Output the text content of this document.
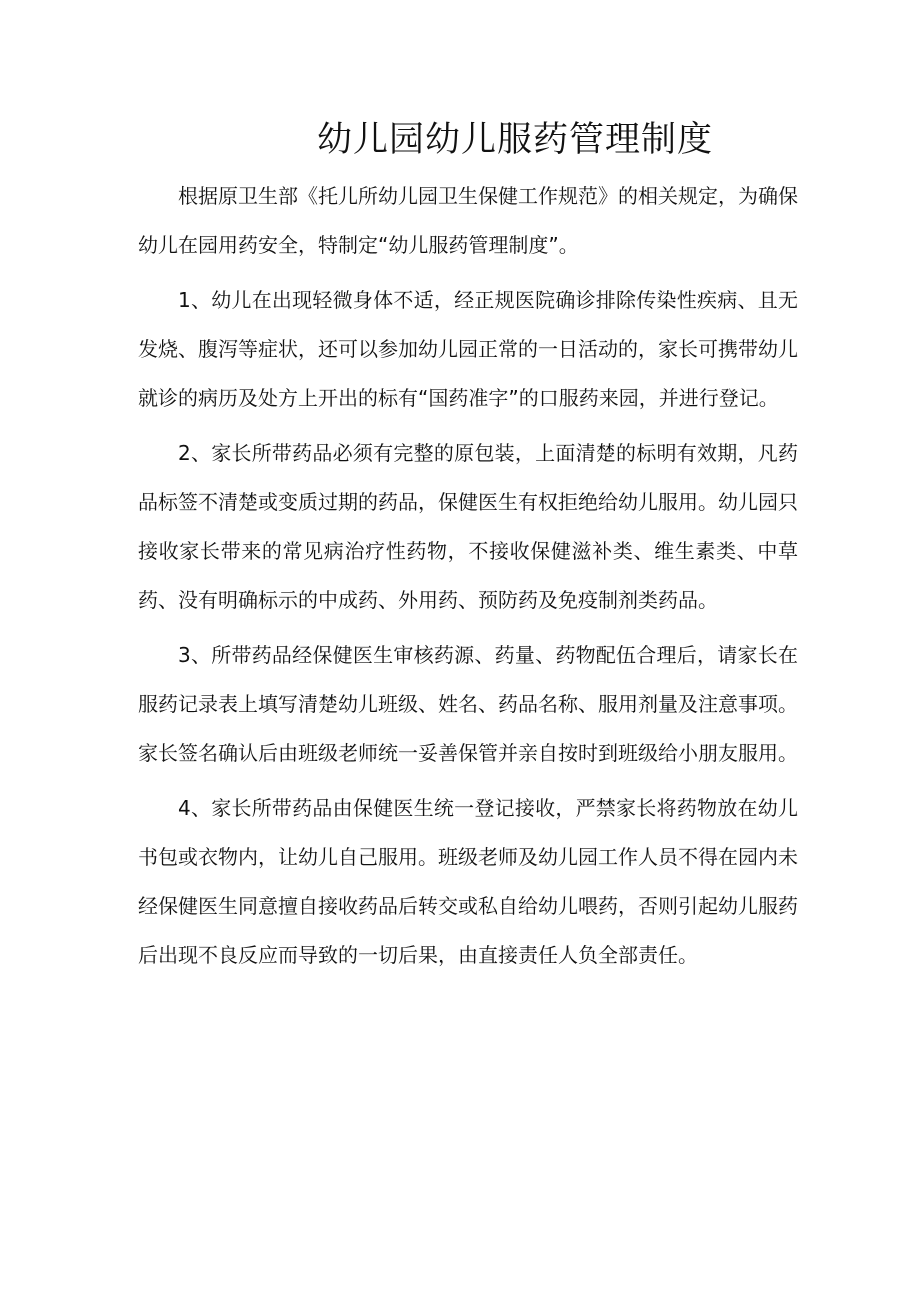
幼儿园幼儿服药管理制度

根据原卫生部《托儿所幼儿园卫生保健工作规范》的相关规定，为确保幼儿在园用药安全，特制定“幼儿服药管理制度”。

1、幼儿在出现轻微身体不适，经正规医院确诊排除传染性疾病、且无发烧、腹泻等症状，还可以参加幼儿园正常的一日活动的，家长可携带幼儿就诊的病历及处方上开出的标有“国药准字”的口服药来园，并进行登记。

2、家长所带药品必须有完整的原包装，上面清楚的标明有效期，凡药品标签不清楚或变质过期的药品，保健医生有权拒绝给幼儿服用。幼儿园只接收家长带来的常见病治疗性药物，不接收保健滋补类、维生素类、中草药、没有明确标示的中成药、外用药、预防药及免疫制剂类药品。

3、所带药品经保健医生审核药源、药量、药物配伍合理后，请家长在服药记录表上填写清楚幼儿班级、姓名、药品名称、服用剂量及注意事项。家长签名确认后由班级老师统一妥善保管并亲自按时到班级给小朋友服用。

4、家长所带药品由保健医生统一登记接收，严禁家长将药物放在幼儿书包或衣物内，让幼儿自己服用。班级老师及幼儿园工作人员不得在园内未经保健医生同意擅自接收药品后转交或私自给幼儿喂药，否则引起幼儿服药后出现不良反应而导致的一切后果，由直接责任人负全部责任。
